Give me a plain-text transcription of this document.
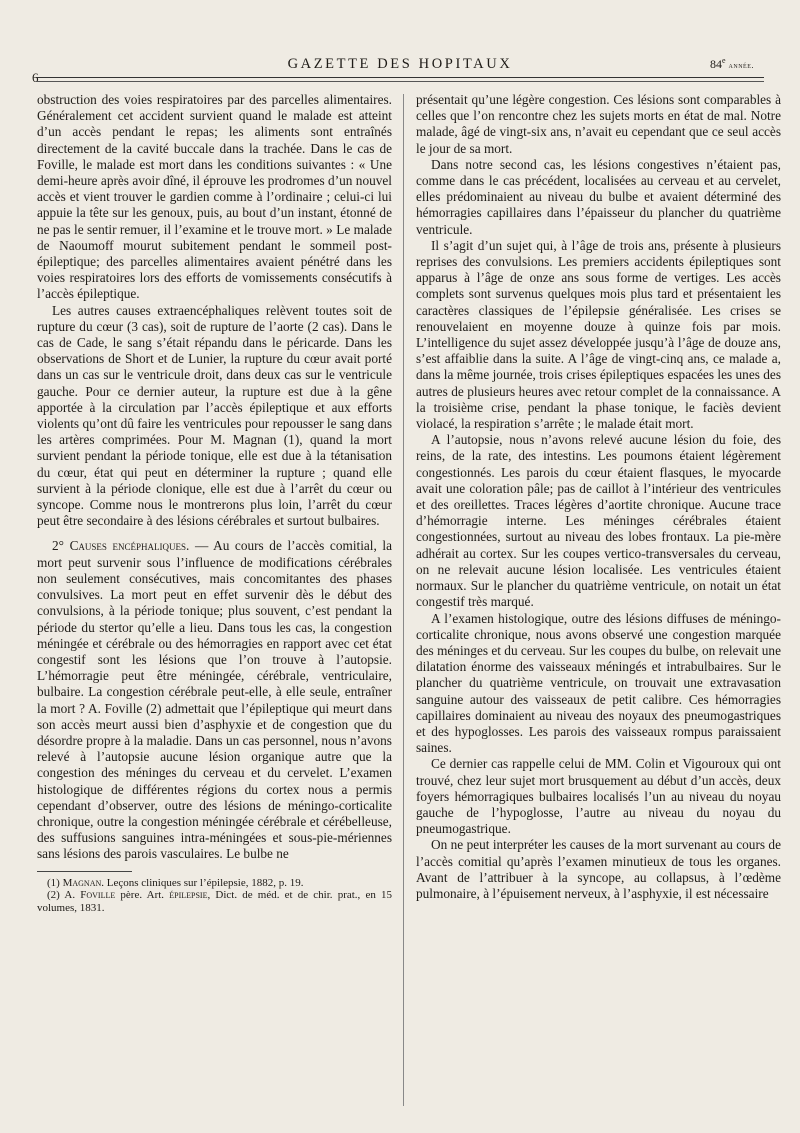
6
GAZETTE DES HOPITAUX	84e année.

obstruction des voies respiratoires par des parcelles alimentaires. Généralement cet accident survient quand le malade est atteint d’un accès pendant le repas; les aliments sont entraînés directement de la cavité buccale dans la trachée. Dans le cas de Foville, le malade est mort dans les conditions suivantes : « Une demi-heure après avoir dîné, il éprouve les prodromes d’un nouvel accès et vient trouver le gardien comme à l’ordinaire ; celui-ci lui appuie la tête sur les genoux, puis, au bout d’un instant, étonné de ne pas le sentir remuer, il l’examine et le trouve mort. » Le malade de Naoumoff mourut subitement pendant le sommeil post-épileptique; des parcelles alimentaires avaient pénétré dans les voies respiratoires lors des efforts de vomissements consécutifs à l’accès épileptique.

Les autres causes extraencéphaliques relèvent toutes soit de rupture du cœur (3 cas), soit de rupture de l’aorte (2 cas). Dans le cas de Cade, le sang s’était répandu dans le péricarde. Dans les observations de Short et de Lunier, la rupture du cœur avait porté dans un cas sur le ventricule droit, dans deux cas sur le ventricule gauche. Pour ce dernier auteur, la rupture est due à la gêne apportée à la circulation par l’accès épileptique et aux efforts violents qu’ont dû faire les ventricules pour repousser le sang dans les artères comprimées. Pour M. Magnan (1), quand la mort survient pendant la période tonique, elle est due à la tétanisation du cœur, état qui peut en déterminer la rupture ; quand elle survient à la période clonique, elle est due à l’arrêt du cœur ou syncope. Comme nous le montrerons plus loin, l’arrêt du cœur peut être secondaire à des lésions cérébrales et surtout bulbaires.

2° Causes encéphaliques. — Au cours de l’accès comitial, la mort peut survenir sous l’influence de modifications cérébrales non seulement consécutives, mais concomitantes des phases convulsives. La mort peut en effet survenir dès le début des convulsions, à la période tonique; plus souvent, c’est pendant la période du stertor qu’elle a lieu. Dans tous les cas, la congestion méningée et cérébrale ou des hémorragies en rapport avec cet état congestif sont les lésions que l’on trouve à l’autopsie. L’hémorragie peut être méningée, cérébrale, ventriculaire, bulbaire. La congestion cérébrale peut-elle, à elle seule, entraîner la mort ? A. Foville (2) admettait que l’épileptique qui meurt dans son accès meurt aussi bien d’asphyxie et de congestion que du désordre propre à la maladie. Dans un cas personnel, nous n’avons relevé à l’autopsie aucune lésion organique autre que la congestion des méninges du cerveau et du cervelet. L’examen histologique de différentes régions du cortex nous a permis cependant d’observer, outre des lésions de méningo-corticalite chronique, outre la congestion méningée cérébrale et cérébelleuse, des suffusions sanguines intra-méningées et sous-pie-mériennes sans lésions des parois vasculaires. Le bulbe ne

(1) Magnan. Leçons cliniques sur l’épilepsie, 1882, p. 19.

(2) A. Foville père. Art. épilepsie, Dict. de méd. et de chir. prat., en 15 volumes, 1831.

présentait qu’une légère congestion. Ces lésions sont comparables à celles que l’on rencontre chez les sujets morts en état de mal. Notre malade, âgé de vingt-six ans, n’avait eu cependant que ce seul accès le jour de sa mort.

Dans notre second cas, les lésions congestives n’étaient pas, comme dans le cas précédent, localisées au cerveau et au cervelet, elles prédominaient au niveau du bulbe et avaient déterminé des hémorragies capillaires dans l’épaisseur du plancher du quatrième ventricule.

Il s’agit d’un sujet qui, à l’âge de trois ans, présente à plusieurs reprises des convulsions. Les premiers accidents épileptiques sont apparus à l’âge de onze ans sous forme de vertiges. Les accès complets sont survenus quelques mois plus tard et présentaient les caractères classiques de l’épilepsie généralisée. Les crises se renouvelaient en moyenne douze à quinze fois par mois. L’intelligence du sujet assez développée jusqu’à l’âge de douze ans, s’est affaiblie dans la suite. A l’âge de vingt-cinq ans, ce malade a, dans la même journée, trois crises épileptiques espacées les unes des autres de plusieurs heures avec retour complet de la connaissance. A la troisième crise, pendant la phase tonique, le faciès devient violacé, la respiration s’arrête ; le malade était mort.

A l’autopsie, nous n’avons relevé aucune lésion du foie, des reins, de la rate, des intestins. Les poumons étaient légèrement congestionnés. Les parois du cœur étaient flasques, le myocarde avait une coloration pâle; pas de caillot à l’intérieur des ventricules et des oreillettes. Traces légères d’aortite chronique. Aucune trace d’hémorragie interne. Les méninges cérébrales étaient congestionnées, surtout au niveau des lobes frontaux. La pie-mère adhérait au cortex. Sur les coupes vertico-transversales du cerveau, on ne relevait aucune lésion localisée. Les ventricules étaient normaux. Sur le plancher du quatrième ventricule, on notait un état congestif très marqué.

A l’examen histologique, outre des lésions diffuses de méningo-corticalite chronique, nous avons observé une congestion marquée des méninges et du cerveau. Sur les coupes du bulbe, on relevait une dilatation énorme des vaisseaux méningés et intrabulbaires. Sur le plancher du quatrième ventricule, on trouvait une extravasation sanguine autour des vaisseaux de petit calibre. Ces hémorragies capillaires dominaient au niveau des noyaux des pneumogastriques et des hypoglosses. Les parois des vaisseaux rompus paraissaient saines.

Ce dernier cas rappelle celui de MM. Colin et Vigouroux qui ont trouvé, chez leur sujet mort brusquement au début d’un accès, deux foyers hémorragiques bulbaires localisés l’un au niveau du noyau gauche de l’hypoglosse, l’autre au niveau du noyau du pneumogastrique.

On ne peut interpréter les causes de la mort survenant au cours de l’accès comitial qu’après l’examen minutieux de tous les organes. Avant de l’attribuer à la syncope, au collapsus, à l’œdème pulmonaire, à l’épuisement nerveux, à l’asphyxie, il est nécessaire
